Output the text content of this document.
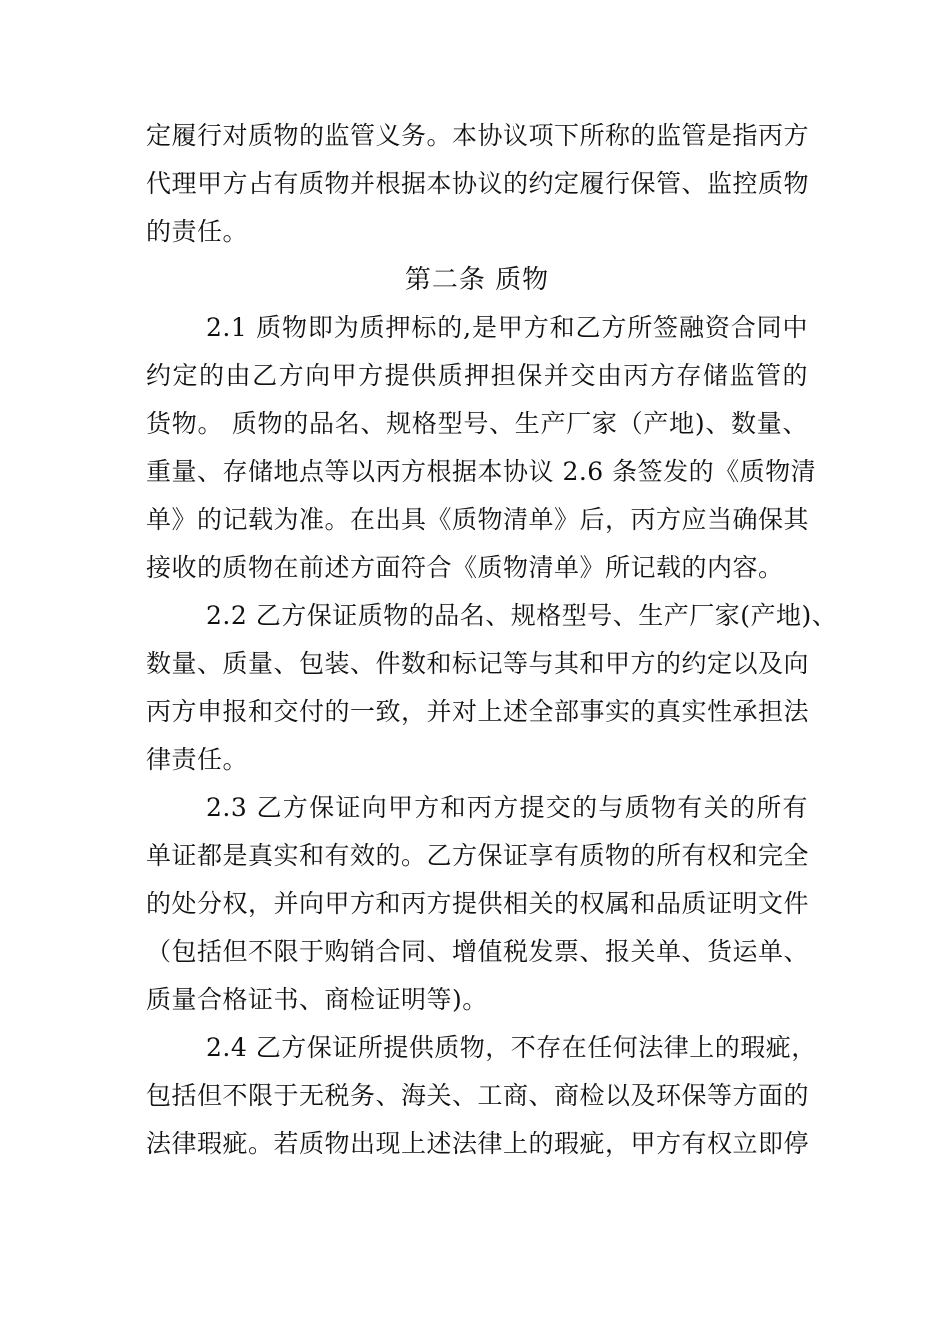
定履行对质物的监管义务。本协议项下所称的监管是指丙方
代理甲方占有质物并根据本协议的约定履行保管、监控质物
的责任。
第二条 质物
2.1 质物即为质押标的,是甲方和乙方所签融资合同中
约定的由乙方向甲方提供质押担保并交由丙方存储监管的
货物。 质物的品名、规格型号、生产厂家（产地)、数量、
重量、存储地点等以丙方根据本协议 2.6 条签发的《质物清
单》的记载为准。在出具《质物清单》后，丙方应当确保其
接收的质物在前述方面符合《质物清单》所记载的内容。
2.2 乙方保证质物的品名、规格型号、生产厂家(产地)、
数量、质量、包装、件数和标记等与其和甲方的约定以及向
丙方申报和交付的一致，并对上述全部事实的真实性承担法
律责任。
2.3 乙方保证向甲方和丙方提交的与质物有关的所有
单证都是真实和有效的。乙方保证享有质物的所有权和完全
的处分权，并向甲方和丙方提供相关的权属和品质证明文件
（包括但不限于购销合同、增值税发票、报关单、货运单、
质量合格证书、商检证明等)。
2.4 乙方保证所提供质物，不存在任何法律上的瑕疵，
包括但不限于无税务、海关、工商、商检以及环保等方面的
法律瑕疵。若质物出现上述法律上的瑕疵，甲方有权立即停
